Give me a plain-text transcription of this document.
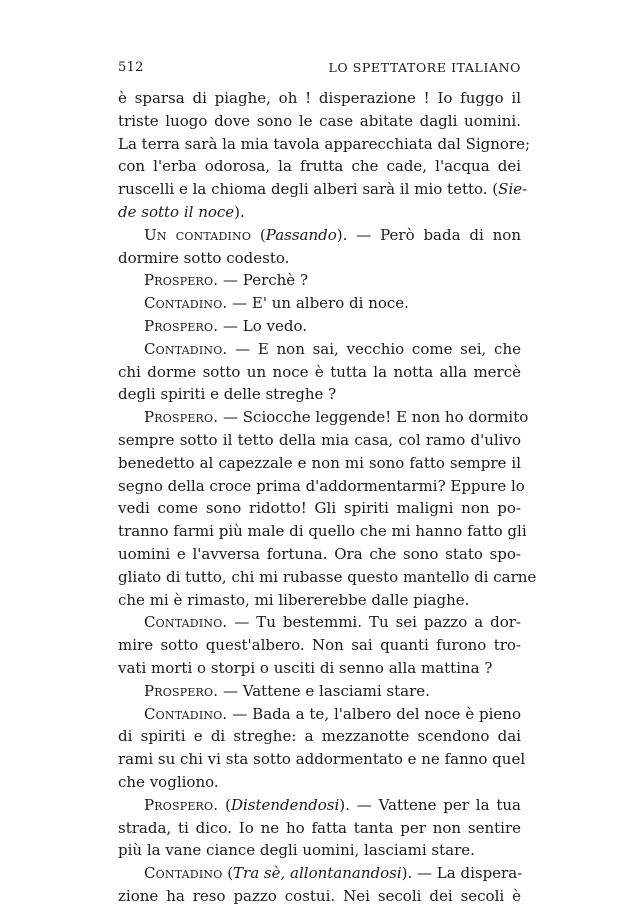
512	LO SPETTATORE ITALIANO
è sparsa di piaghe, oh ! disperazione ! Io fuggo il
triste luogo dove sono le case abitate dagli uomini.
La terra sarà la mia tavola apparecchiata dal Signore;
con l'erba odorosa, la frutta che cade, l'acqua dei
ruscelli e la chioma degli alberi sarà il mio tetto. (Sie-
de sotto il noce).
Un contadino (Passando). — Però bada di non
dormire sotto codesto.
Prospero. — Perchè ?
Contadino. — E' un albero di noce.
Prospero. — Lo vedo.
Contadino. — E non sai, vecchio come sei, che
chi dorme sotto un noce è tutta la notta alla mercè
degli spiriti e delle streghe ?
Prospero. — Sciocche leggende! E non ho dormito
sempre sotto il tetto della mia casa, col ramo d'ulivo
benedetto al capezzale e non mi sono fatto sempre il
segno della croce prima d'addormentarmi? Eppure lo
vedi come sono ridotto! Gli spiriti maligni non po-
tranno farmi più male di quello che mi hanno fatto gli
uomini e l'avversa fortuna. Ora che sono stato spo-
gliato di tutto, chi mi rubasse questo mantello di carne
che mi è rimasto, mi libererebbe dalle piaghe.
Contadino. — Tu bestemmi. Tu sei pazzo a dor-
mire sotto quest'albero. Non sai quanti furono tro-
vati morti o storpi o usciti di senno alla mattina ?
Prospero. — Vattene e lasciami stare.
Contadino. — Bada a te, l'albero del noce è pieno
di spiriti e di streghe: a mezzanotte scendono dai
rami su chi vi sta sotto addormentato e ne fanno quel
che vogliono.
Prospero. (Distendendosi). — Vattene per la tua
strada, ti dico. Io ne ho fatta tanta per non sentire
più la vane ciance degli uomini, lasciami stare.
Contadino (Tra sè, allontanandosi). — La dispera-
zione ha reso pazzo costui. Nei secoli dei secoli è
